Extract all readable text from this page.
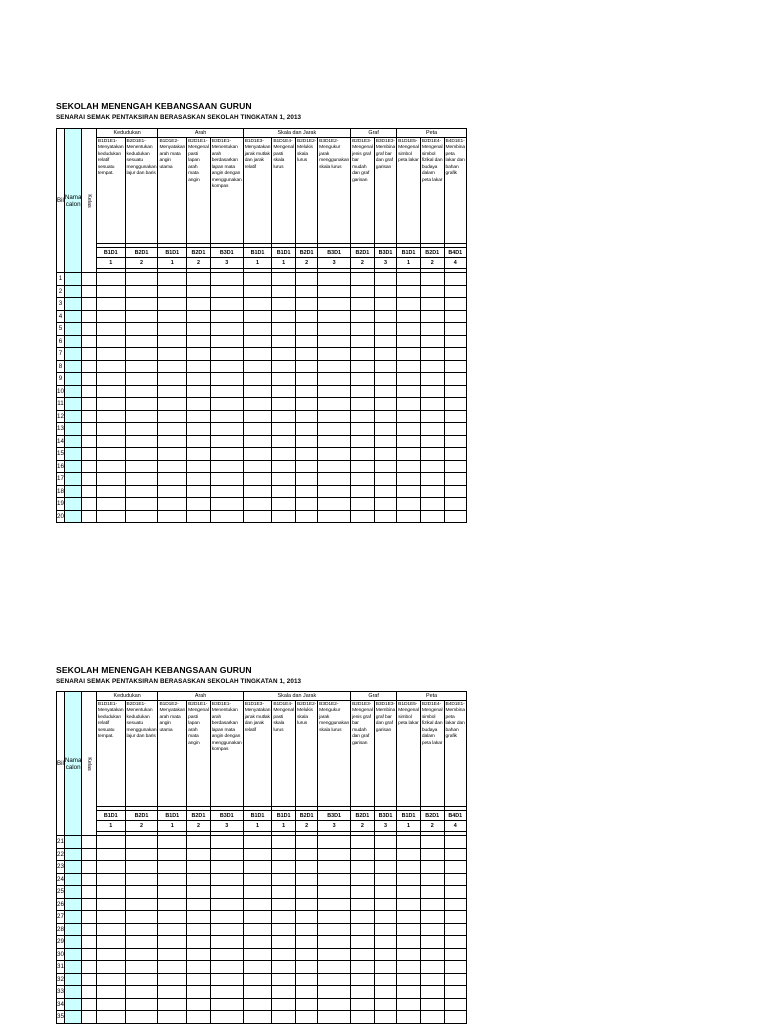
SEKOLAH MENENGAH KEBANGSAAN GURUN
SENARAI SEMAK PENTAKSIRAN BERASASKAN SEKOLAH TINGKATAN 1, 2013
Bil	Nama calon	Kelas	Kedudukan		Arah			Skala dan Jarak				Graf		Peta		
			B1D1E1- Menyatakan kedudukan relatif sesuatu tempat.	B2D1E1- Menentukan kedudukan sesuatu menggunakan lajur dan baris	B1D1E2- Menyatakan arah mata angin utama	B2D1E1- Mengenal pasti lapan arah mata angin	B3D1E1- Menentukan arah berdasarkan lapan mata angin dengan menggunakan kompas	B1D1E3- Menyatakan jarak mutlak dan jarak relatif	B1D1E4- Mengenal pasti skala lurus	B2D1E2- Melukis skala lurus	B3D1E2- Mengukur jarak menggunakan skala lurus	B2D1E3- Mengenal jenis graf bar mudah dan graf garisan	B3D1E3- Membina graf bar dan graf garisan	B1D1E5- Mengenal simbol peta lakar	B2D1E4- Mengenal simbol fizikal dan budaya dalam peta lakar	B4D1E1- Membina peta lakar dan bahan grafik

			B1D1	B2D1	B1D1	B2D1	B3D1	B1D1	B1D1	B2D1	B3D1	B2D1	B3D1	B1D1	B2D1	B4D1
			1	2	1	2	3	1	1	2	3	2	3	1	2	4

1																
2																
3																
4																
5																
6																
7																
8																
9																
10																
11																
12																
13																
14																
15																
16																
17																
18																
19																
20																
SEKOLAH MENENGAH KEBANGSAAN GURUN
SENARAI SEMAK PENTAKSIRAN BERASASKAN SEKOLAH TINGKATAN 1, 2013
Bil	Nama calon	Kelas	Kedudukan		Arah			Skala dan Jarak				Graf		Peta		
			B1D1E1- Menyatakan kedudukan relatif sesuatu tempat.	B2D1E1- Menentukan kedudukan sesuatu menggunakan lajur dan baris	B1D1E2- Menyatakan arah mata angin utama	B2D1E1- Mengenal pasti lapan arah mata angin	B3D1E1- Menentukan arah berdasarkan lapan mata angin dengan menggunakan kompas	B1D1E3- Menyatakan jarak mutlak dan jarak relatif	B1D1E4- Mengenal pasti skala lurus	B2D1E2- Melukis skala lurus	B3D1E2- Mengukur jarak menggunakan skala lurus	B2D1E3- Mengenal jenis graf bar mudah dan graf garisan	B3D1E3- Membina graf bar dan graf garisan	B1D1E5- Mengenal simbol peta lakar	B2D1E4- Mengenal simbol fizikal dan budaya dalam peta lakar	B4D1E1- Membina peta lakar dan bahan grafik

			B1D1	B2D1	B1D1	B2D1	B3D1	B1D1	B1D1	B2D1	B3D1	B2D1	B3D1	B1D1	B2D1	B4D1
			1	2	1	2	3	1	1	2	3	2	3	1	2	4

21																
22																
23																
24																
25																
26																
27																
28																
29																
30																
31																
32																
33																
34																
35																
